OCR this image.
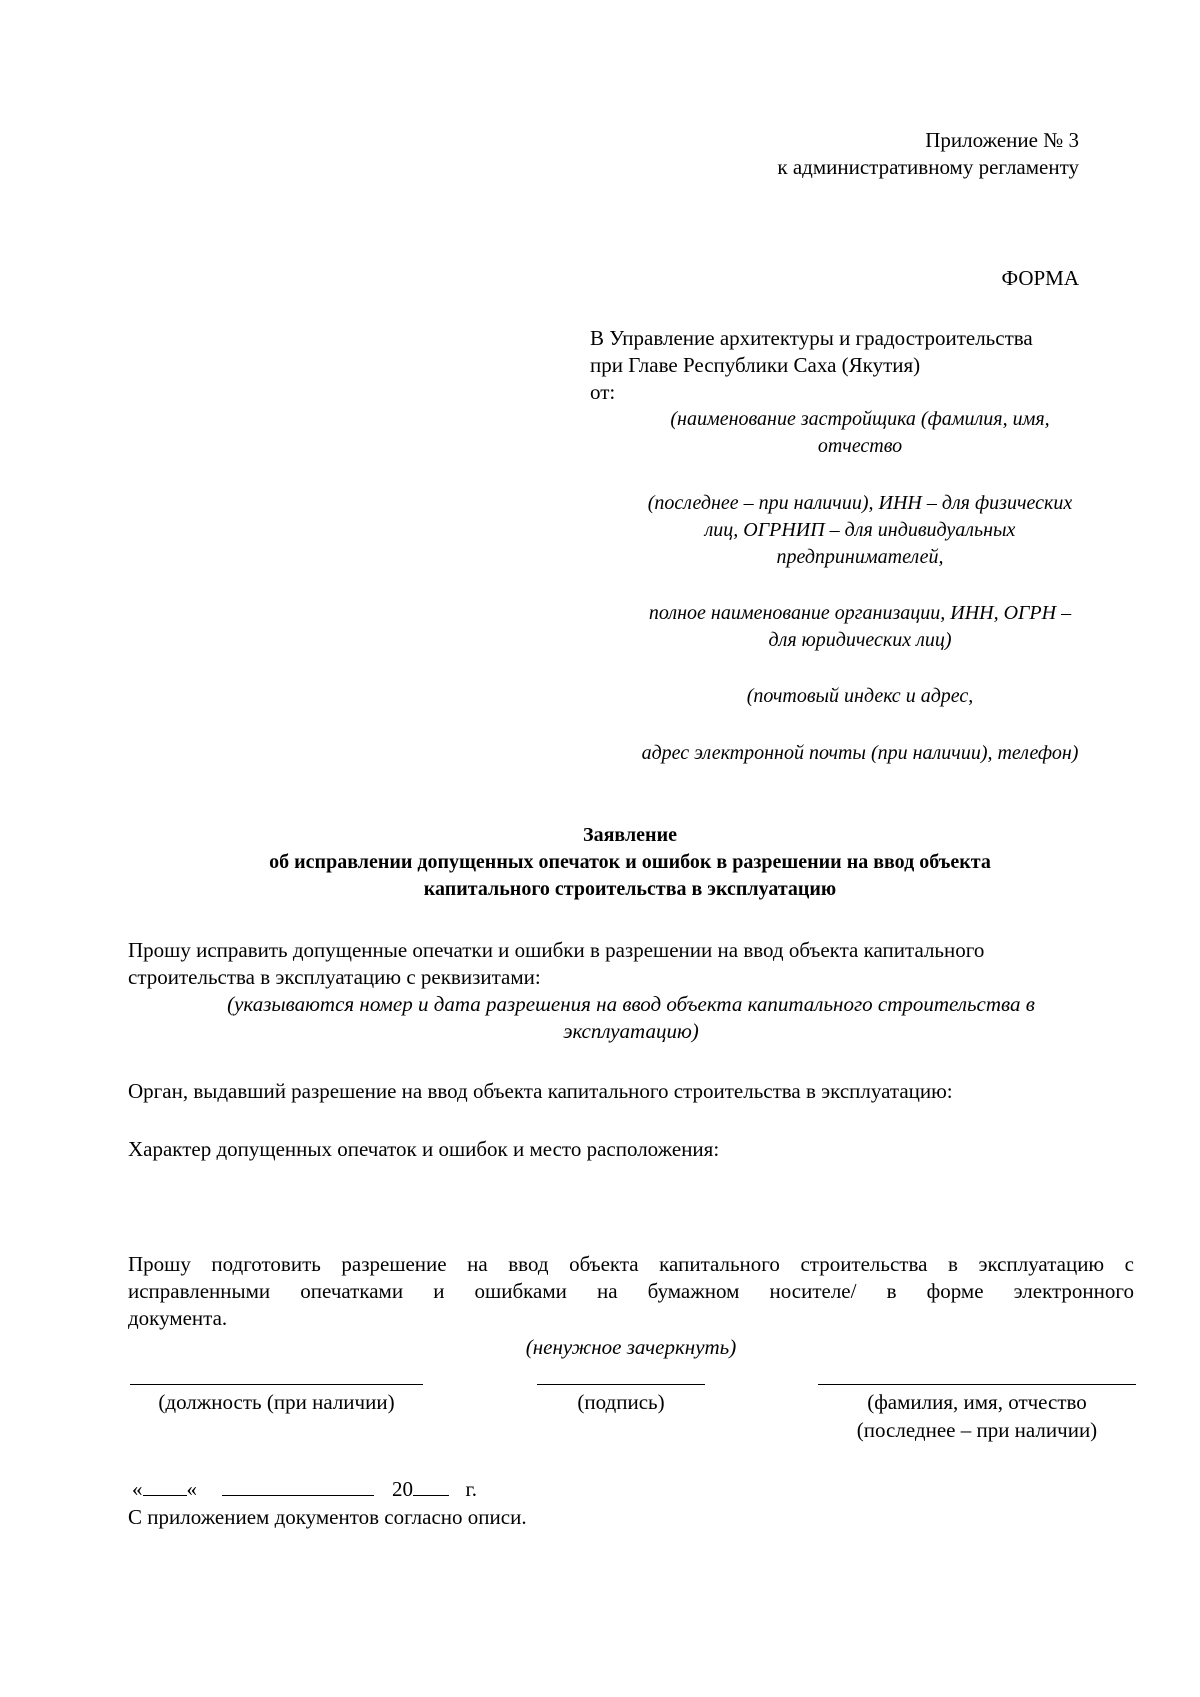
Приложение № 3
к административному регламенту
ФОРМА
В Управление архитектуры и градостроительства
при Главе Республики Саха (Якутия)
от:
(наименование застройщика (фамилия, имя,
отчество
(последнее – при наличии), ИНН – для физических
лиц, ОГРНИП – для индивидуальных
предпринимателей,
полное наименование организации, ИНН, ОГРН –
для юридических лиц)
(почтовый индекс и адрес,
адрес электронной почты (при наличии), телефон)
Заявление
об исправлении допущенных опечаток и ошибок в разрешении на ввод объекта
капитального строительства в эксплуатацию
Прошу исправить допущенные опечатки и ошибки в разрешении на ввод объекта капитального
строительства в эксплуатацию с реквизитами:
(указываются номер и дата разрешения на ввод объекта капитального строительства в
эксплуатацию)
Орган, выдавший разрешение на ввод объекта капитального строительства в эксплуатацию:
Характер допущенных опечаток и ошибок и место расположения:
Прошу подготовить разрешение на ввод объекта капитального строительства в эксплуатацию с
исправленными опечатками и ошибками на бумажном носителе/ в форме электронного
документа.
(ненужное зачеркнуть)
(должность (при наличии)	(подпись)	(фамилия, имя, отчество
(последнее – при наличии)
« «	20	г.
С приложением документов согласно описи.
